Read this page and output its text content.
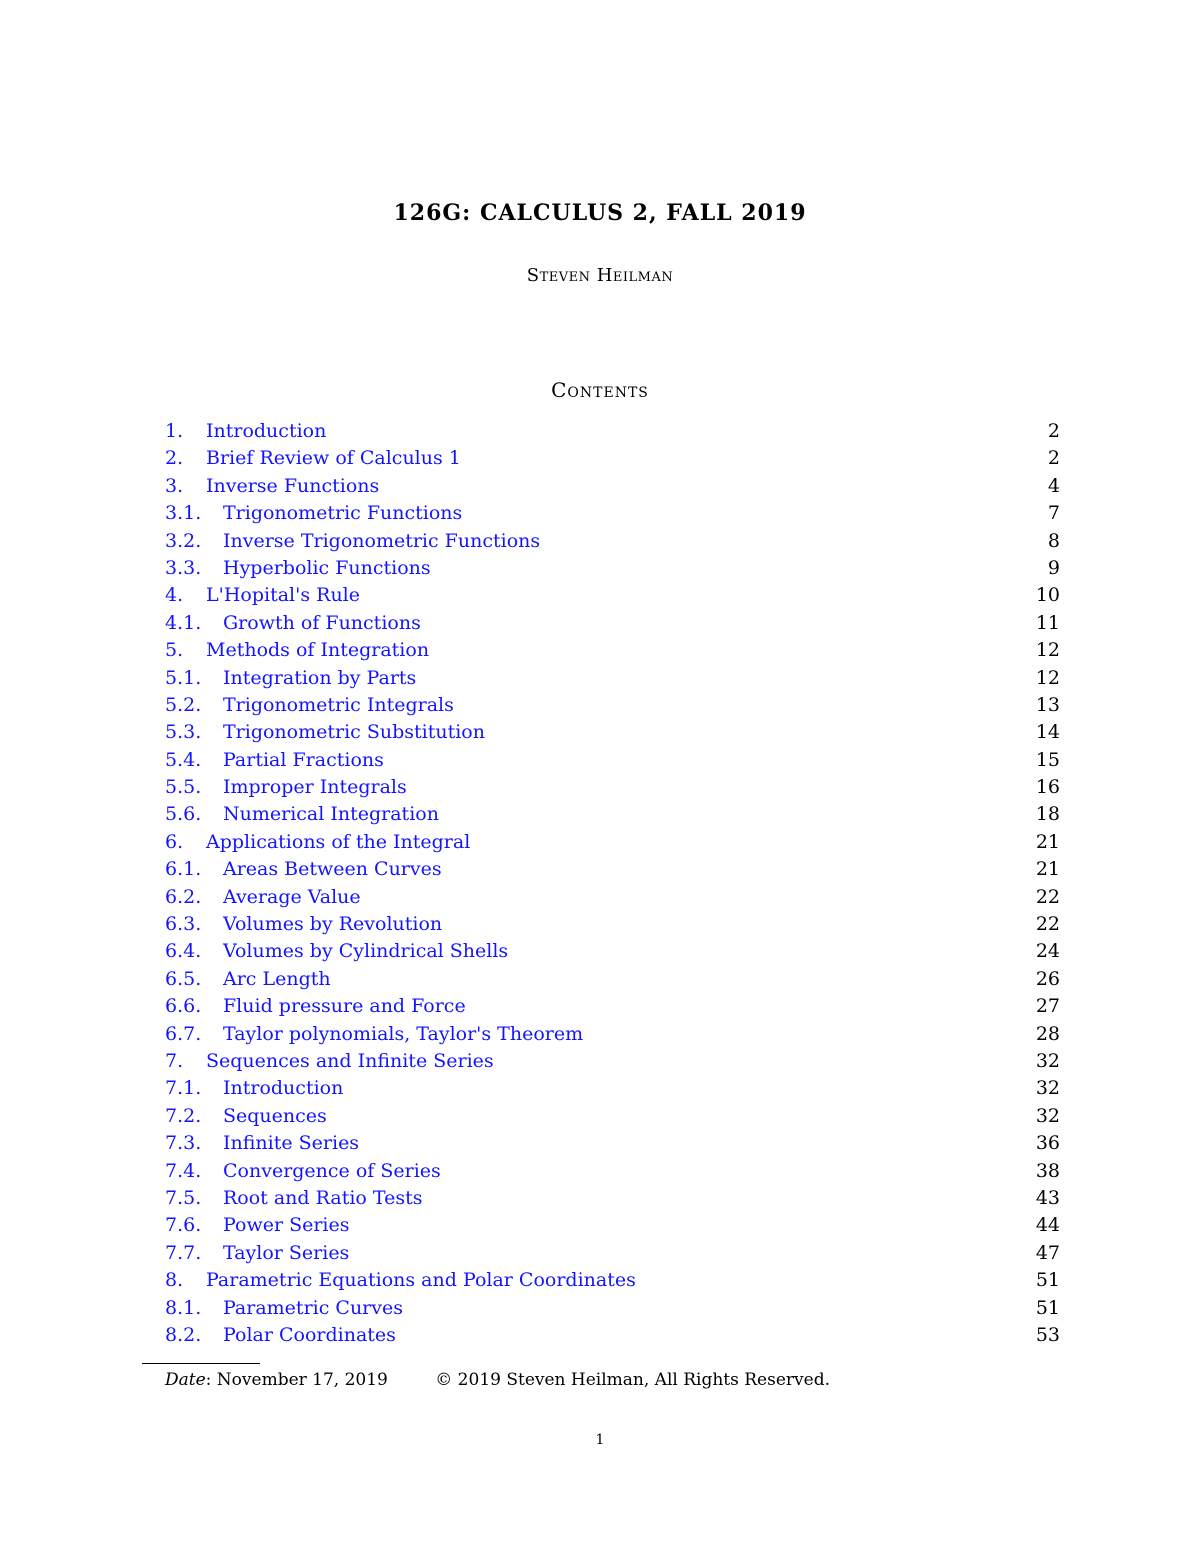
126G: CALCULUS 2, FALL 2019
Steven Heilman
Contents
1. Introduction	2
2. Brief Review of Calculus 1	2
3. Inverse Functions	4
3.1. Trigonometric Functions	7
3.2. Inverse Trigonometric Functions	8
3.3. Hyperbolic Functions	9
4. L'Hopital's Rule	10
4.1. Growth of Functions	11
5. Methods of Integration	12
5.1. Integration by Parts	12
5.2. Trigonometric Integrals	13
5.3. Trigonometric Substitution	14
5.4. Partial Fractions	15
5.5. Improper Integrals	16
5.6. Numerical Integration	18
6. Applications of the Integral	21
6.1. Areas Between Curves	21
6.2. Average Value	22
6.3. Volumes by Revolution	22
6.4. Volumes by Cylindrical Shells	24
6.5. Arc Length	26
6.6. Fluid pressure and Force	27
6.7. Taylor polynomials, Taylor's Theorem	28
7. Sequences and Infinite Series	32
7.1. Introduction	32
7.2. Sequences	32
7.3. Infinite Series	36
7.4. Convergence of Series	38
7.5. Root and Ratio Tests	43
7.6. Power Series	44
7.7. Taylor Series	47
8. Parametric Equations and Polar Coordinates	51
8.1. Parametric Curves	51
8.2. Polar Coordinates	53
Date: November 17, 2019	© 2019 Steven Heilman, All Rights Reserved.
1
